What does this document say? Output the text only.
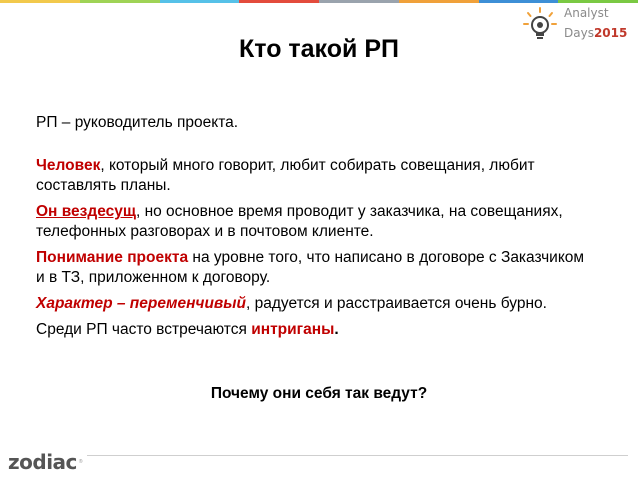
Analyst
Days2015
Кто такой РП

РП – руководитель проекта.

Человек, который много говорит, любит собирать совещания, любит составлять планы.

Он вездесущ, но основное время проводит у заказчика, на совещаниях, телефонных разговорах и в почтовом клиенте.

Понимание проекта на уровне того, что написано в договоре с Заказчиком и в ТЗ, приложенном к договору.

Характер – переменчивый, радуется и расстраивается очень бурно.

Среди РП часто встречаются интриганы.

Почему они себя так ведут?
zodiac ®
